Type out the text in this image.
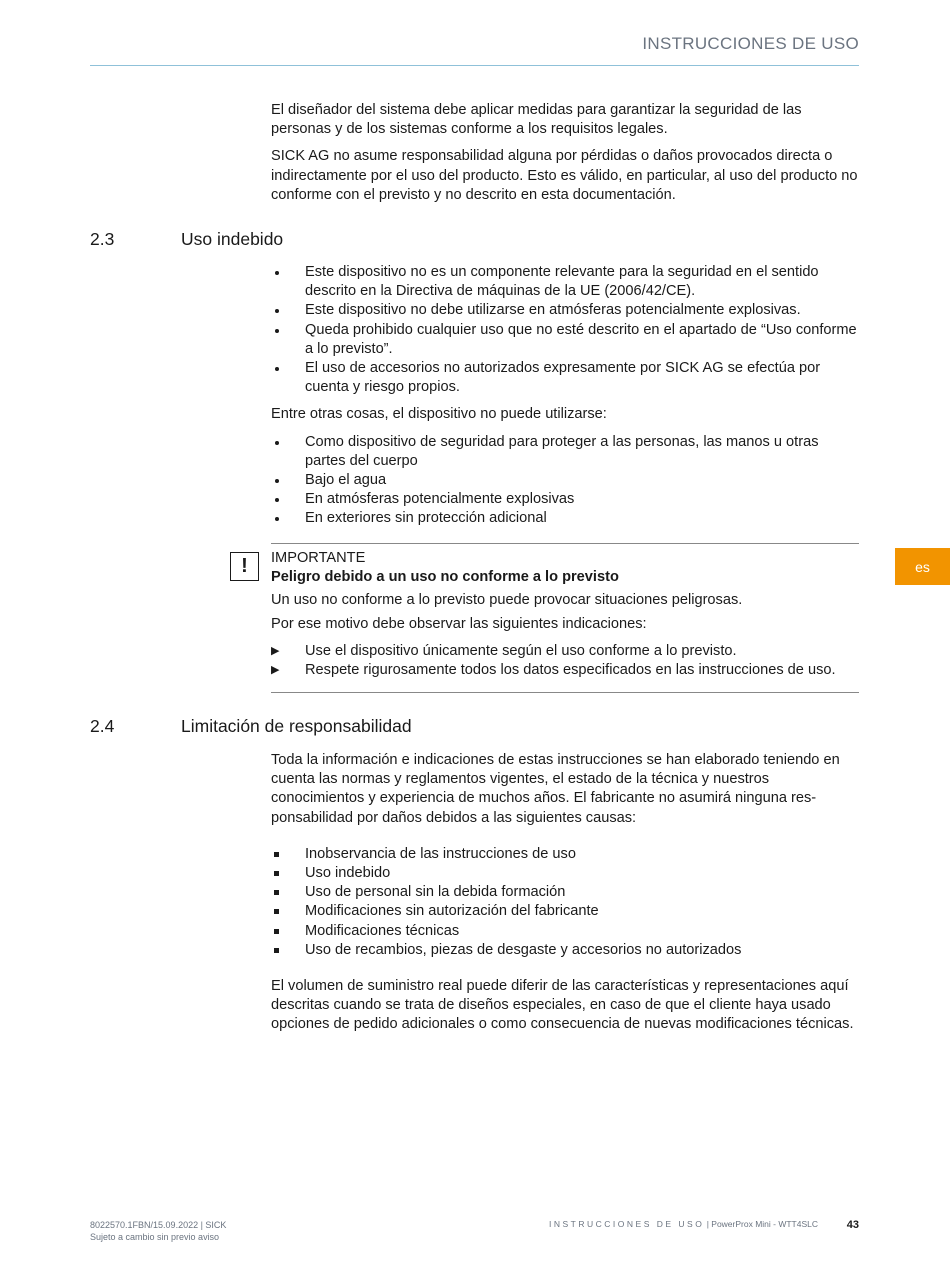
INSTRUCCIONES DE USO
es

El diseñador del sistema debe aplicar medidas para garantizar la seguridad de las personas y de los sistemas conforme a los requisitos legales.

SICK AG no asume responsabilidad alguna por pérdidas o daños provocados directa o indirectamente por el uso del producto. Esto es válido, en particular, al uso del producto no conforme con el previsto y no descrito en esta documentación.

2.3	Uso indebido
Este dispositivo no es un componente relevante para la seguridad en el sentido descrito en la Directiva de máquinas de la UE (2006/42/CE).
Este dispositivo no debe utilizarse en atmósferas potencialmente explosivas.
Queda prohibido cualquier uso que no esté descrito en el apartado de “Uso conforme a lo previsto”.
El uso de accesorios no autorizados expresamente por SICK AG se efectúa por cuenta y riesgo propios.

Entre otras cosas, el dispositivo no puede utilizarse:

Como dispositivo de seguridad para proteger a las personas, las manos u otras partes del cuerpo
Bajo el agua
En atmósferas potencialmente explosivas
En exteriores sin protección adicional
!	IMPORTANTE

Peligro debido a un uso no conforme a lo previsto

Un uso no conforme a lo previsto puede provocar situaciones peligrosas.

Por ese motivo debe observar las siguientes indicaciones:

▶ Use el dispositivo únicamente según el uso conforme a lo previsto.
▶ Respete rigurosamente todos los datos especificados en las instrucciones de uso.
2.4	Limitación de responsabilidad

Toda la información e indicaciones de estas instrucciones se han elaborado teniendo en cuenta las normas y reglamentos vigentes, el estado de la técnica y nuestros conocimientos y experiencia de muchos años. El fabricante no asumirá ninguna res-ponsabilidad por daños debidos a las siguientes causas:

Inobservancia de las instrucciones de uso
Uso indebido
Uso de personal sin la debida formación
Modificaciones sin autorización del fabricante
Modificaciones técnicas
Uso de recambios, piezas de desgaste y accesorios no autorizados

El volumen de suministro real puede diferir de las características y representaciones aquí descritas cuando se trata de diseños especiales, en caso de que el cliente haya usado opciones de pedido adicionales o como consecuencia de nuevas modificaciones técnicas.

8022570.1FBN/15.09.2022 | SICK
Sujeto a cambio sin previo aviso
INSTRUCCIONES DE USO | PowerProx Mini - WTT4SLC	43
